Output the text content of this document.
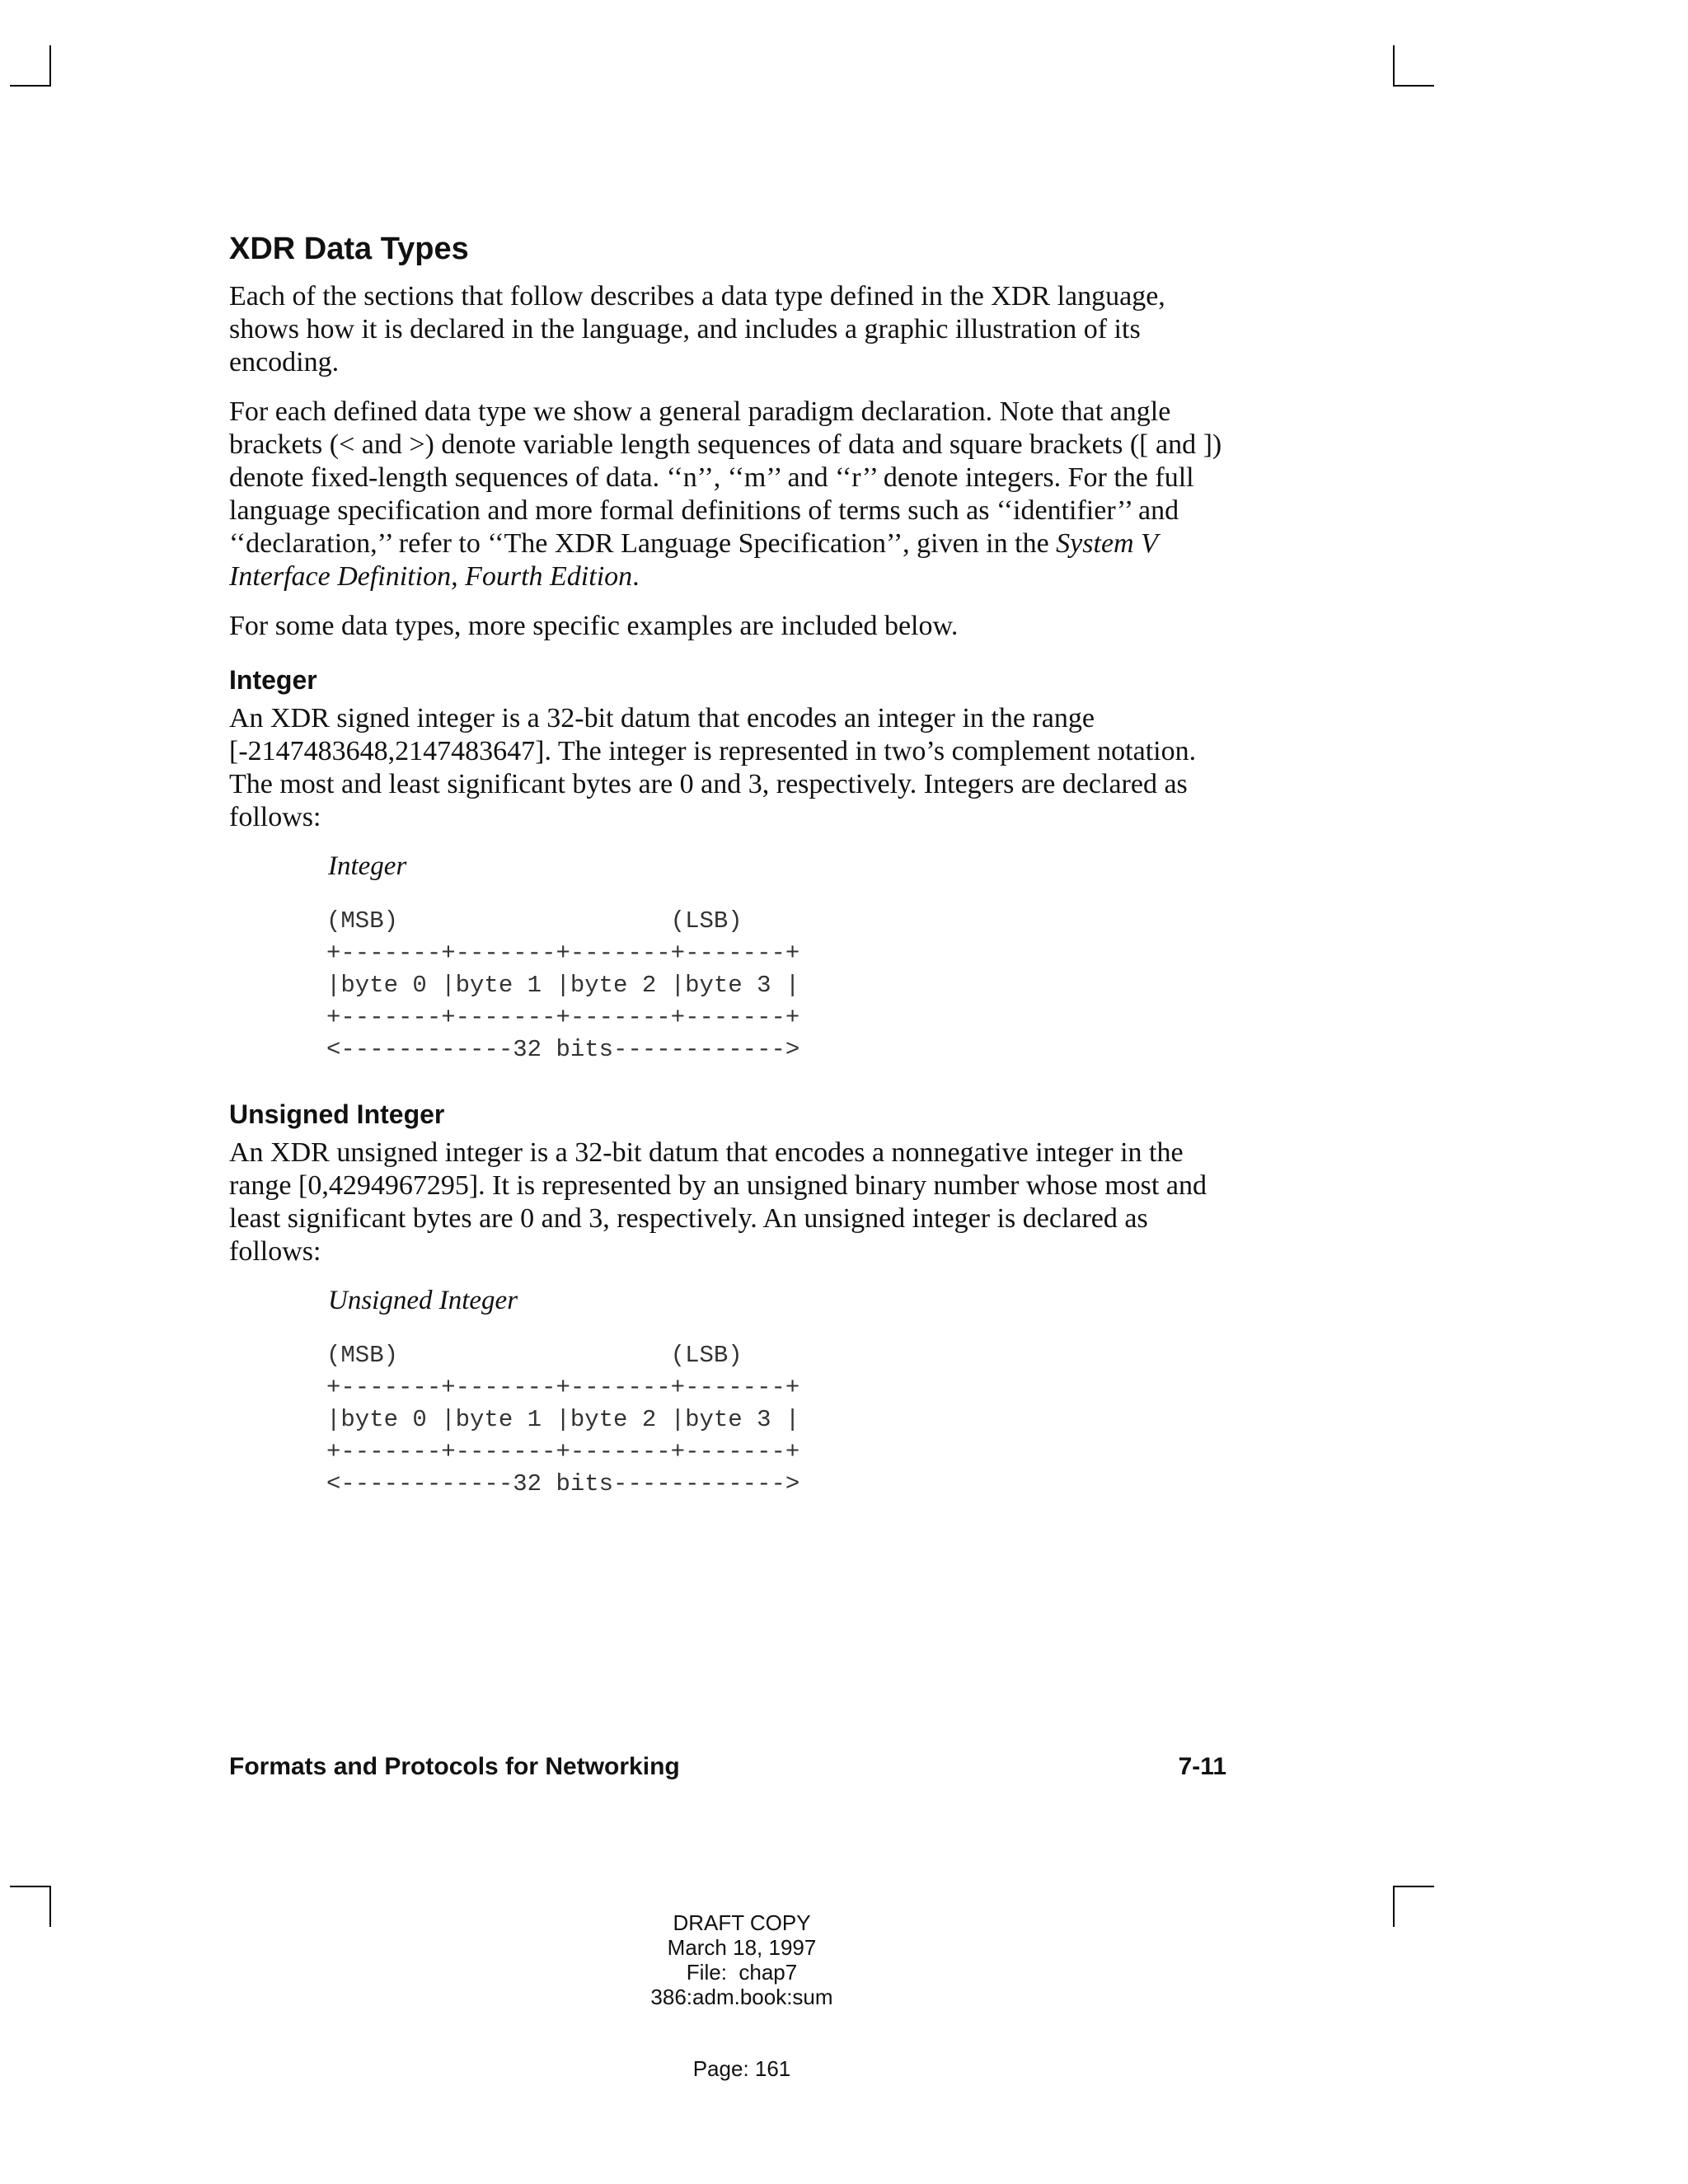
XDR Data Types

Each of the sections that follow describes a data type defined in the XDR language, shows how it is declared in the language, and includes a graphic illustration of its encoding.

For each defined data type we show a general paradigm declaration. Note that angle brackets (< and >) denote variable length sequences of data and square brackets ([ and ]) denote fixed-length sequences of data. ‘‘n’’, ‘‘m’’ and ‘‘r’’ denote integers. For the full language specification and more formal definitions of terms such as ‘‘identifier’’ and ‘‘declaration,’’ refer to ‘‘The XDR Language Specification’’, given in the System V Interface Definition, Fourth Edition.

For some data types, more specific examples are included below.

Integer

An XDR signed integer is a 32-bit datum that encodes an integer in the range [-2147483648,2147483647]. The integer is represented in two’s complement notation. The most and least significant bytes are 0 and 3, respectively. Integers are declared as follows:

Integer
(MSB)                   (LSB)
+-------+-------+-------+-------+
|byte 0 |byte 1 |byte 2 |byte 3 |
+-------+-------+-------+-------+
<------------32 bits------------>
Unsigned Integer

An XDR unsigned integer is a 32-bit datum that encodes a nonnegative integer in the range [0,4294967295]. It is represented by an unsigned binary number whose most and least significant bytes are 0 and 3, respectively. An unsigned integer is declared as follows:

Unsigned Integer
(MSB)                   (LSB)
+-------+-------+-------+-------+
|byte 0 |byte 1 |byte 2 |byte 3 |
+-------+-------+-------+-------+
<------------32 bits------------>
Formats and Protocols for Networking	7-11
DRAFT COPY
March 18, 1997
File:  chap7
386:adm.book:sum
Page: 161
